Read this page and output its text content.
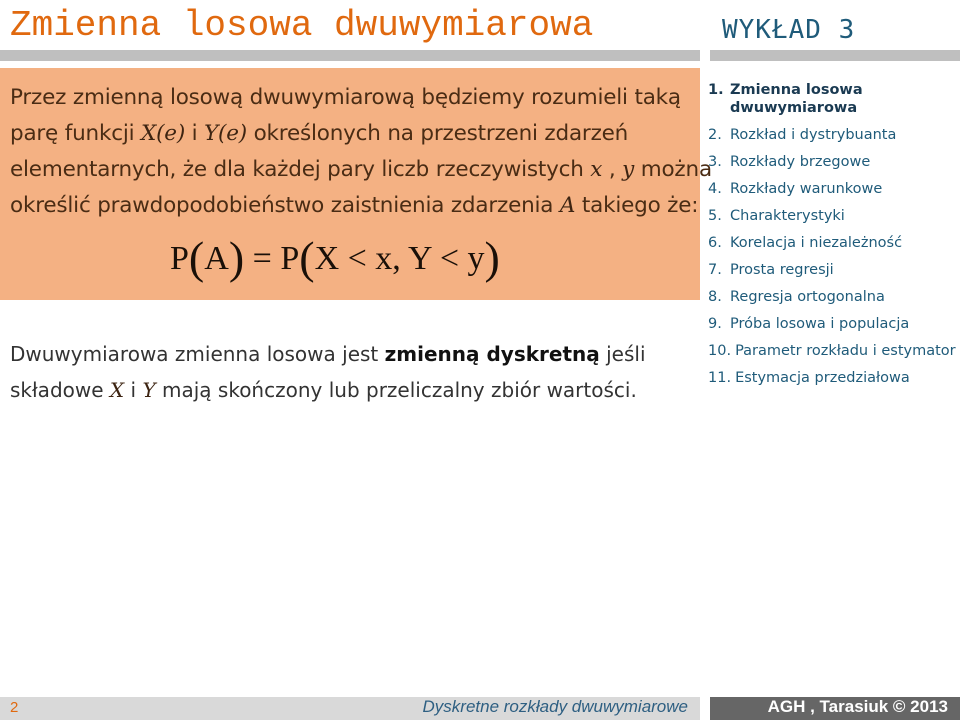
Zmienna losowa dwuwymiarowa
Przez zmienną losową dwuwymiarową będziemy rozumieli taką
parę funkcji X(e) i Y(e) określonych na przestrzeni zdarzeń
elementarnych, że dla każdej pary liczb rzeczywistych x , y można
określić prawdopodobieństwo zaistnienia zdarzenia A takiego że:
P(A) = P(X < x, Y < y)
Dwuwymiarowa zmienna losowa jest zmienną dyskretną jeśli
składowe X i Y mają skończony lub przeliczalny zbiór wartości.
WYKŁAD 3
1. Zmienna losowa dwuwymiarowa
2. Rozkład i dystrybuanta
3. Rozkłady brzegowe
4. Rozkłady warunkowe
5. Charakterystyki
6. Korelacja i niezależność
7. Prosta regresji
8. Regresja ortogonalna
9. Próba losowa i populacja
10. Parametr rozkładu i estymator
11. Estymacja przedziałowa
2	Dyskretne rozkłady dwuwymiarowe	AGH , Tarasiuk © 2013
